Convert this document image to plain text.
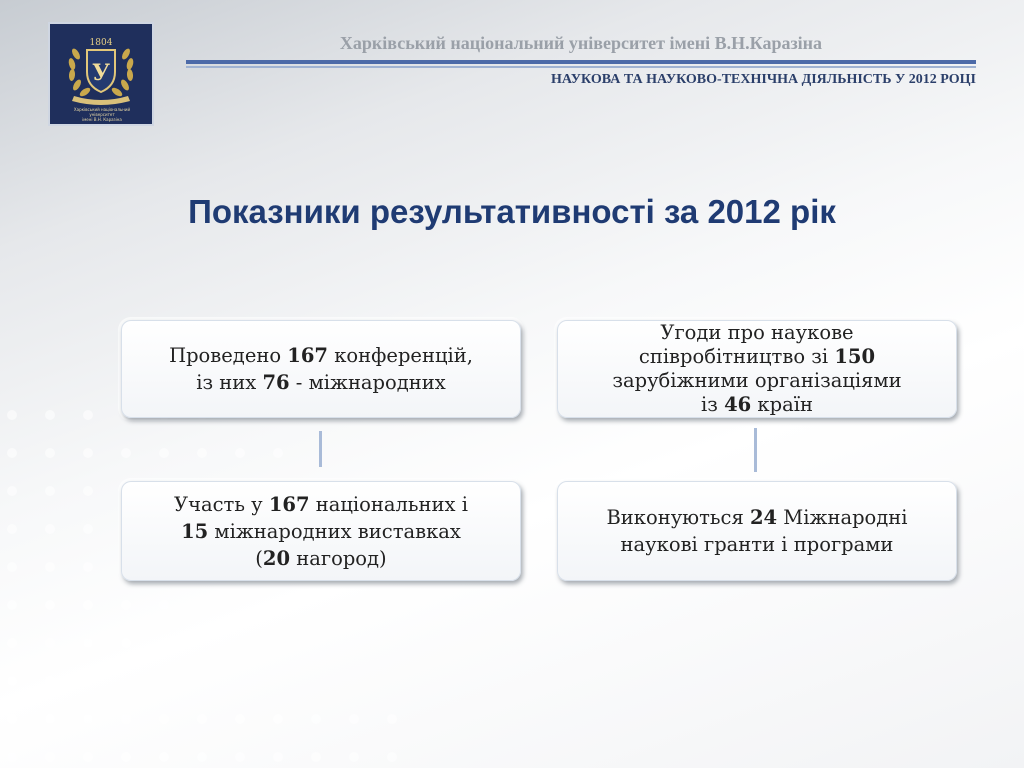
1804
У
Харківський національний університет
імені В.Н. Каразіна
Харківський національний університет імені В.Н.Каразіна
НАУКОВА ТА НАУКОВО-ТЕХНІЧНА ДІЯЛЬНІСТЬ У 2012 РОЦІ
Показники результативності за 2012 рік
Проведено 167 конференцій,
із них 76 - міжнародних
Угоди про наукове
співробітництво зі 150
зарубіжними організаціями
із 46 країн
Участь у 167 національних і
15 міжнародних виставках
(20 нагород)
Виконуються 24 Міжнародні
наукові гранти і програми
